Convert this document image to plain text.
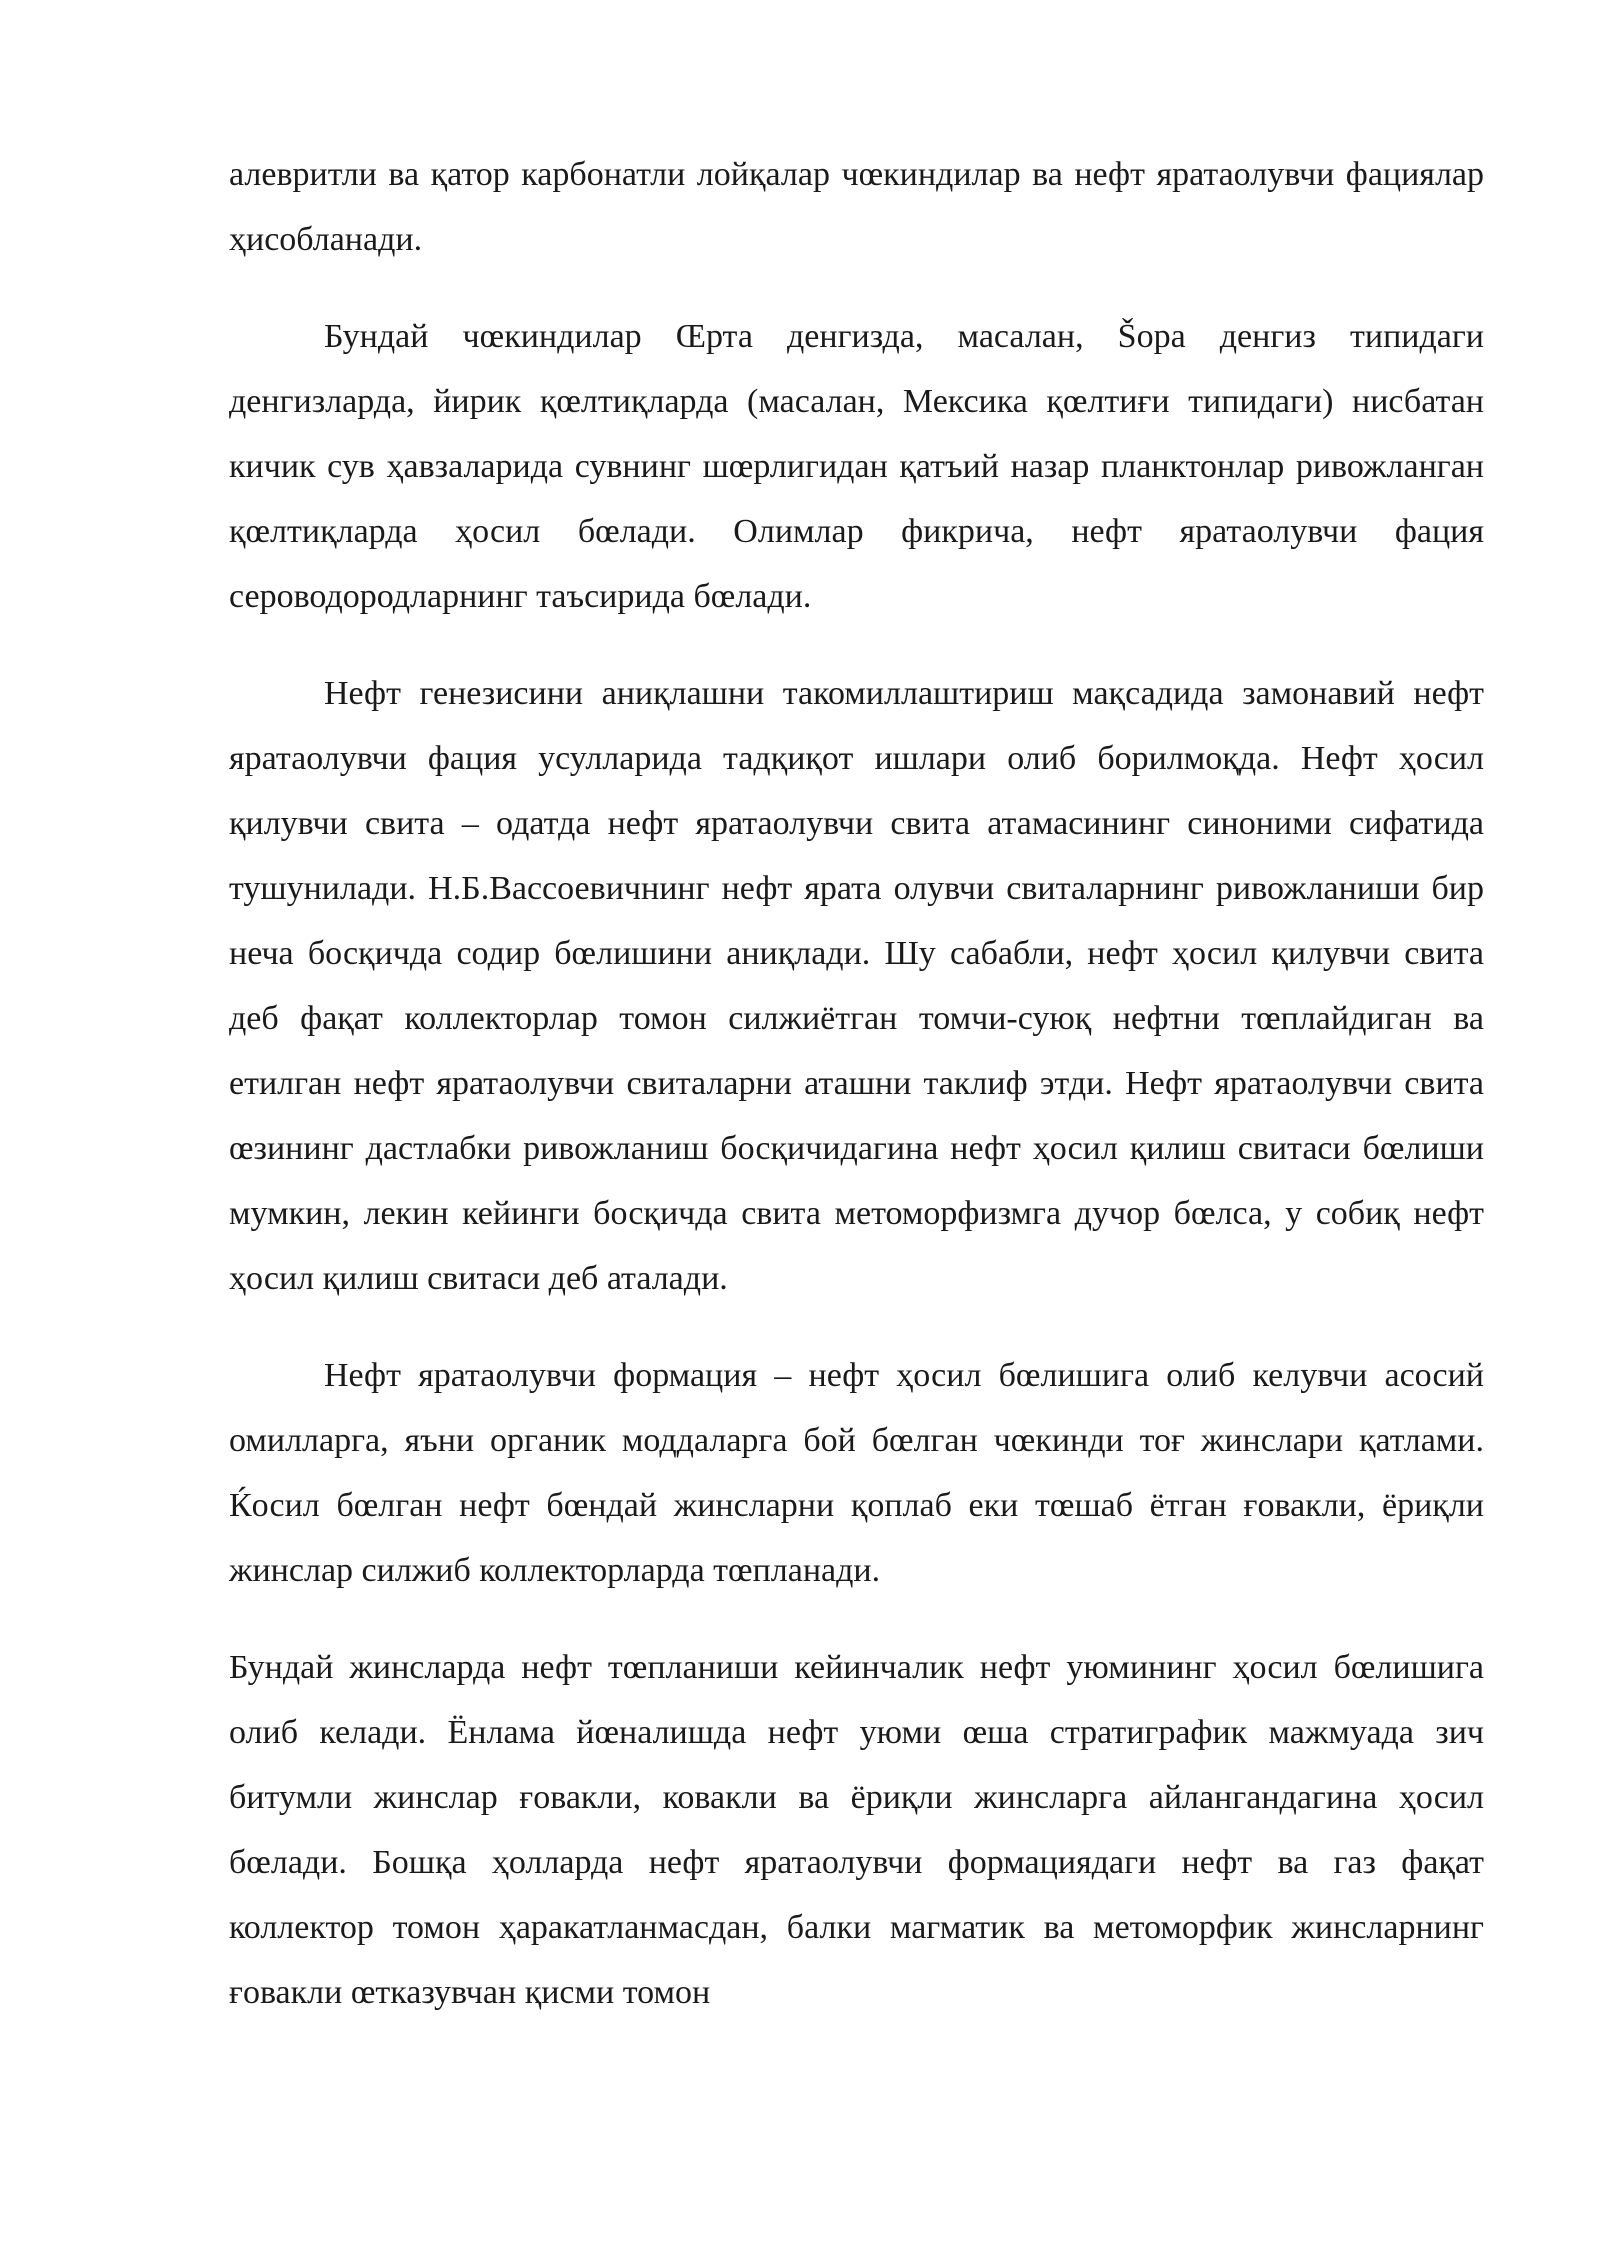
алевритли ва қатор карбонатли лойқалар чœкиндилар ва нефт яратаолувчи фациялар ҳисобланади.

Бундай чœкиндилар Œрта денгизда, масалан, Šора денгиз типидаги денгизларда, йирик қœлтиқларда (масалан, Мексика қœлтиғи типидаги) нисбатан кичик сув ҳавзаларида сувнинг шœрлигидан қатъий назар планктонлар ривожланган қœлтиқларда ҳосил бœлади. Олимлар фикрича, нефт яратаолувчи фация сероводородларнинг таъсирида бœлади.

Нефт генезисини аниқлашни такомиллаштириш мақсадида замонавий нефт яратаолувчи фация усулларида тадқиқот ишлари олиб борилмоқда. Нефт ҳосил қилувчи свита – одатда нефт яратаолувчи свита атамасининг синоними сифатида тушунилади. Н.Б.Вассоевичнинг нефт ярата олувчи свиталарнинг ривожланиши бир неча босқичда содир бœлишини аниқлади. Шу сабабли, нефт ҳосил қилувчи свита деб фақат коллекторлар томон силжиётган томчи-суюқ нефтни тœплайдиган ва етилган нефт яратаолувчи свиталарни аташни таклиф этди. Нефт яратаолувчи свита œзининг дастлабки ривожланиш босқичидагина нефт ҳосил қилиш свитаси бœлиши мумкин, лекин кейинги босқичда свита метоморфизмга дучор бœлса, у собиқ нефт ҳосил қилиш свитаси деб аталади.

Нефт яратаолувчи формация – нефт ҳосил бœлишига олиб келувчи асосий омилларга, яъни органик моддаларга бой бœлган чœкинди тоғ жинслари қатлами. Ќосил бœлган нефт бœндай жинсларни қоплаб еки тœшаб ётган ғовакли, ёриқли жинслар силжиб коллекторларда тœпланади.

Бундай жинсларда нефт тœпланиши кейинчалик нефт уюмининг ҳосил бœлишига олиб келади. Ёнлама йœналишда нефт уюми œша стратиграфик мажмуада зич битумли жинслар ғовакли, ковакли ва ёриқли жинсларга айлангандагина ҳосил бœлади. Бошқа ҳолларда нефт яратаолувчи формациядаги нефт ва газ фақат коллектор томон ҳаракатланмасдан, балки магматик ва метоморфик жинсларнинг ғовакли œтказувчан қисми томон
